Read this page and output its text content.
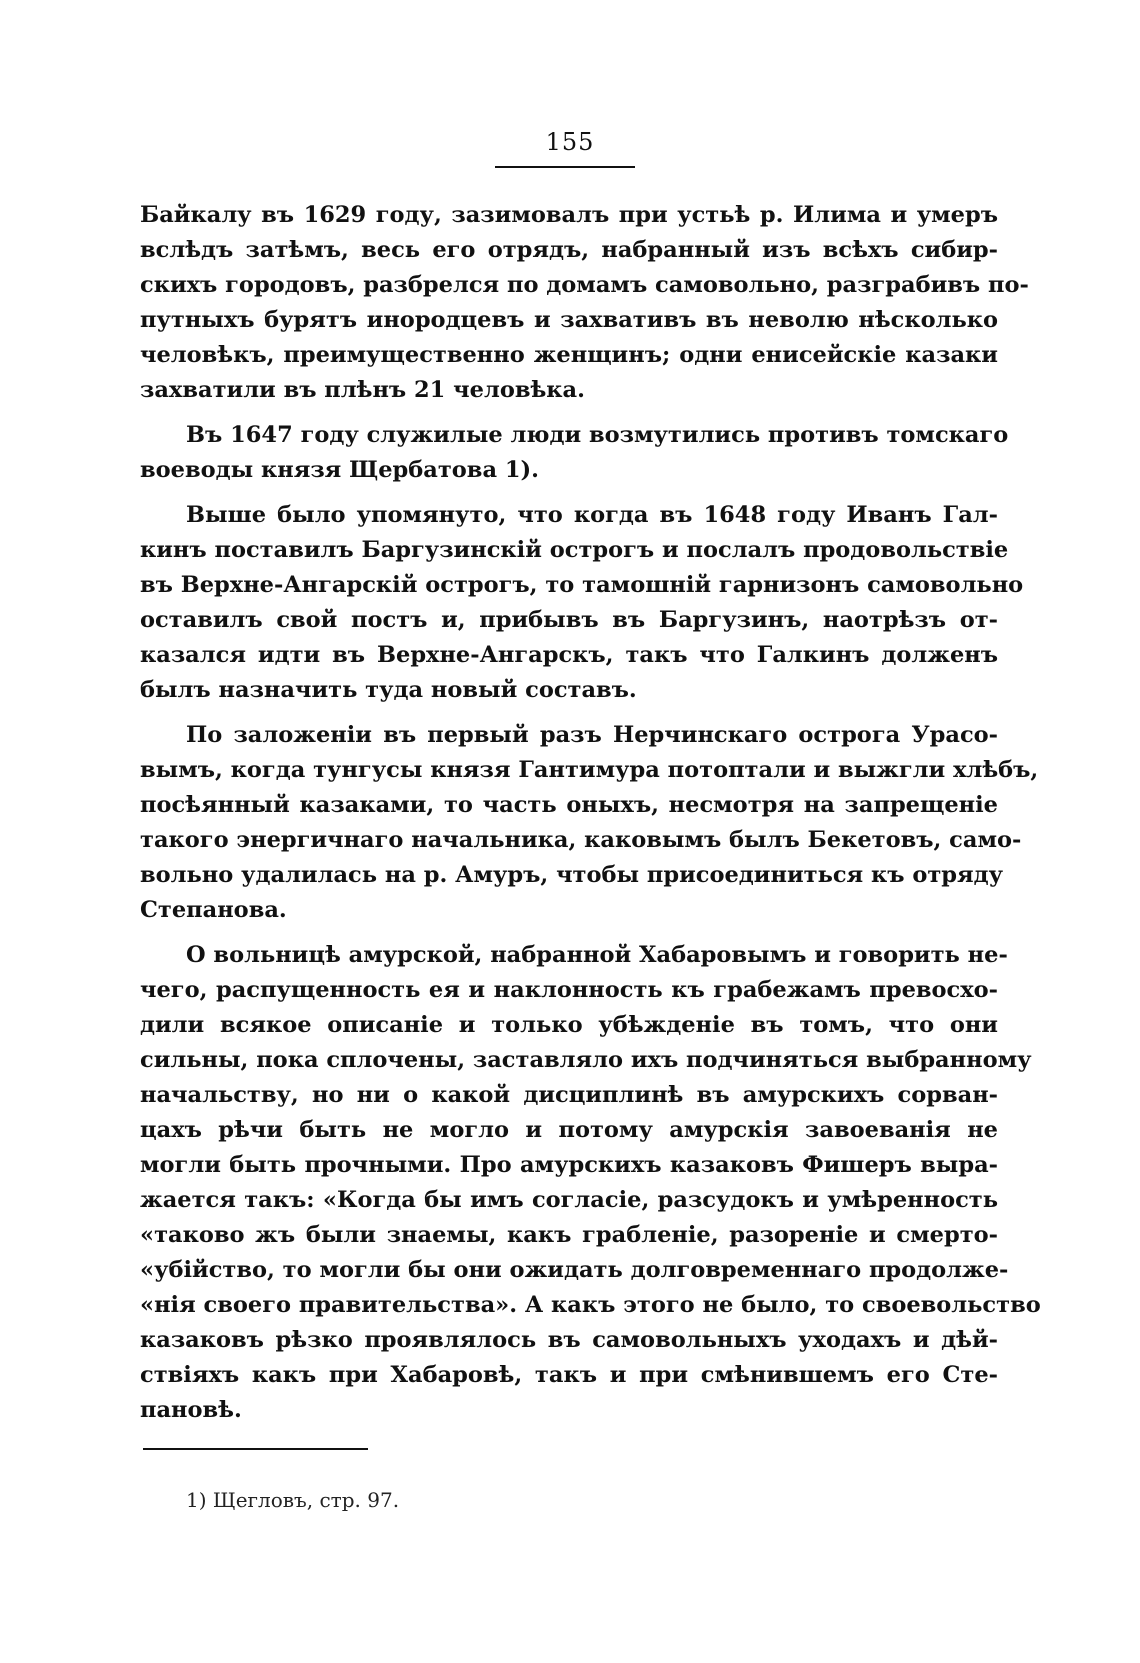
155
Байкалу въ 1629 году, зазимовалъ при устьѣ р. Илима и умеръ
вслѣдъ затѣмъ, весь его отрядъ, набранный изъ всѣхъ сибир-
скихъ городовъ, разбрелся по домамъ самовольно, разграбивъ по-
путныхъ бурятъ инородцевъ и захвативъ въ неволю нѣсколько
человѣкъ, преимущественно женщинъ; одни енисейскіе казаки
захватили въ плѣнъ 21 человѣка.
Въ 1647 году служилые люди возмутились противъ томскаго
воеводы князя Щербатова 1).
Выше было упомянуто, что когда въ 1648 году Иванъ Гал-
кинъ поставилъ Баргузинскій острогъ и послалъ продовольствіе
въ Верхне-Ангарскій острогъ, то тамошній гарнизонъ самовольно
оставилъ свой постъ и, прибывъ въ Баргузинъ, наотрѣзъ от-
казался идти въ Верхне-Ангарскъ, такъ что Галкинъ долженъ
былъ назначить туда новый составъ.
По заложеніи въ первый разъ Нерчинскаго острога Урасо-
вымъ, когда тунгусы князя Гантимура потоптали и выжгли хлѣбъ,
посѣянный казаками, то часть оныхъ, несмотря на запрещеніе
такого энергичнаго начальника, каковымъ былъ Бекетовъ, само-
вольно удалилась на р. Амуръ, чтобы присоединиться къ отряду
Степанова.
О вольницѣ амурской, набранной Хабаровымъ и говорить не-
чего, распущенность ея и наклонность къ грабежамъ превосхо-
дили всякое описаніе и только убѣжденіе въ томъ, что они
сильны, пока сплочены, заставляло ихъ подчиняться выбранному
начальству, но ни о какой дисциплинѣ въ амурскихъ сорван-
цахъ рѣчи быть не могло и потому амурскія завоеванія не
могли быть прочными. Про амурскихъ казаковъ Фишеръ выра-
жается такъ: «Когда бы имъ согласіе, разсудокъ и умѣренность
«таково жъ были знаемы, какъ грабленіе, разореніе и смерто-
«убійство, то могли бы они ожидать долговременнаго продолже-
«нія своего правительства». А какъ этого не было, то своевольство
казаковъ рѣзко проявлялось въ самовольныхъ уходахъ и дѣй-
ствіяхъ какъ при Хабаровѣ, такъ и при смѣнившемъ его Сте-
пановѣ.
1) Щегловъ, стр. 97.
